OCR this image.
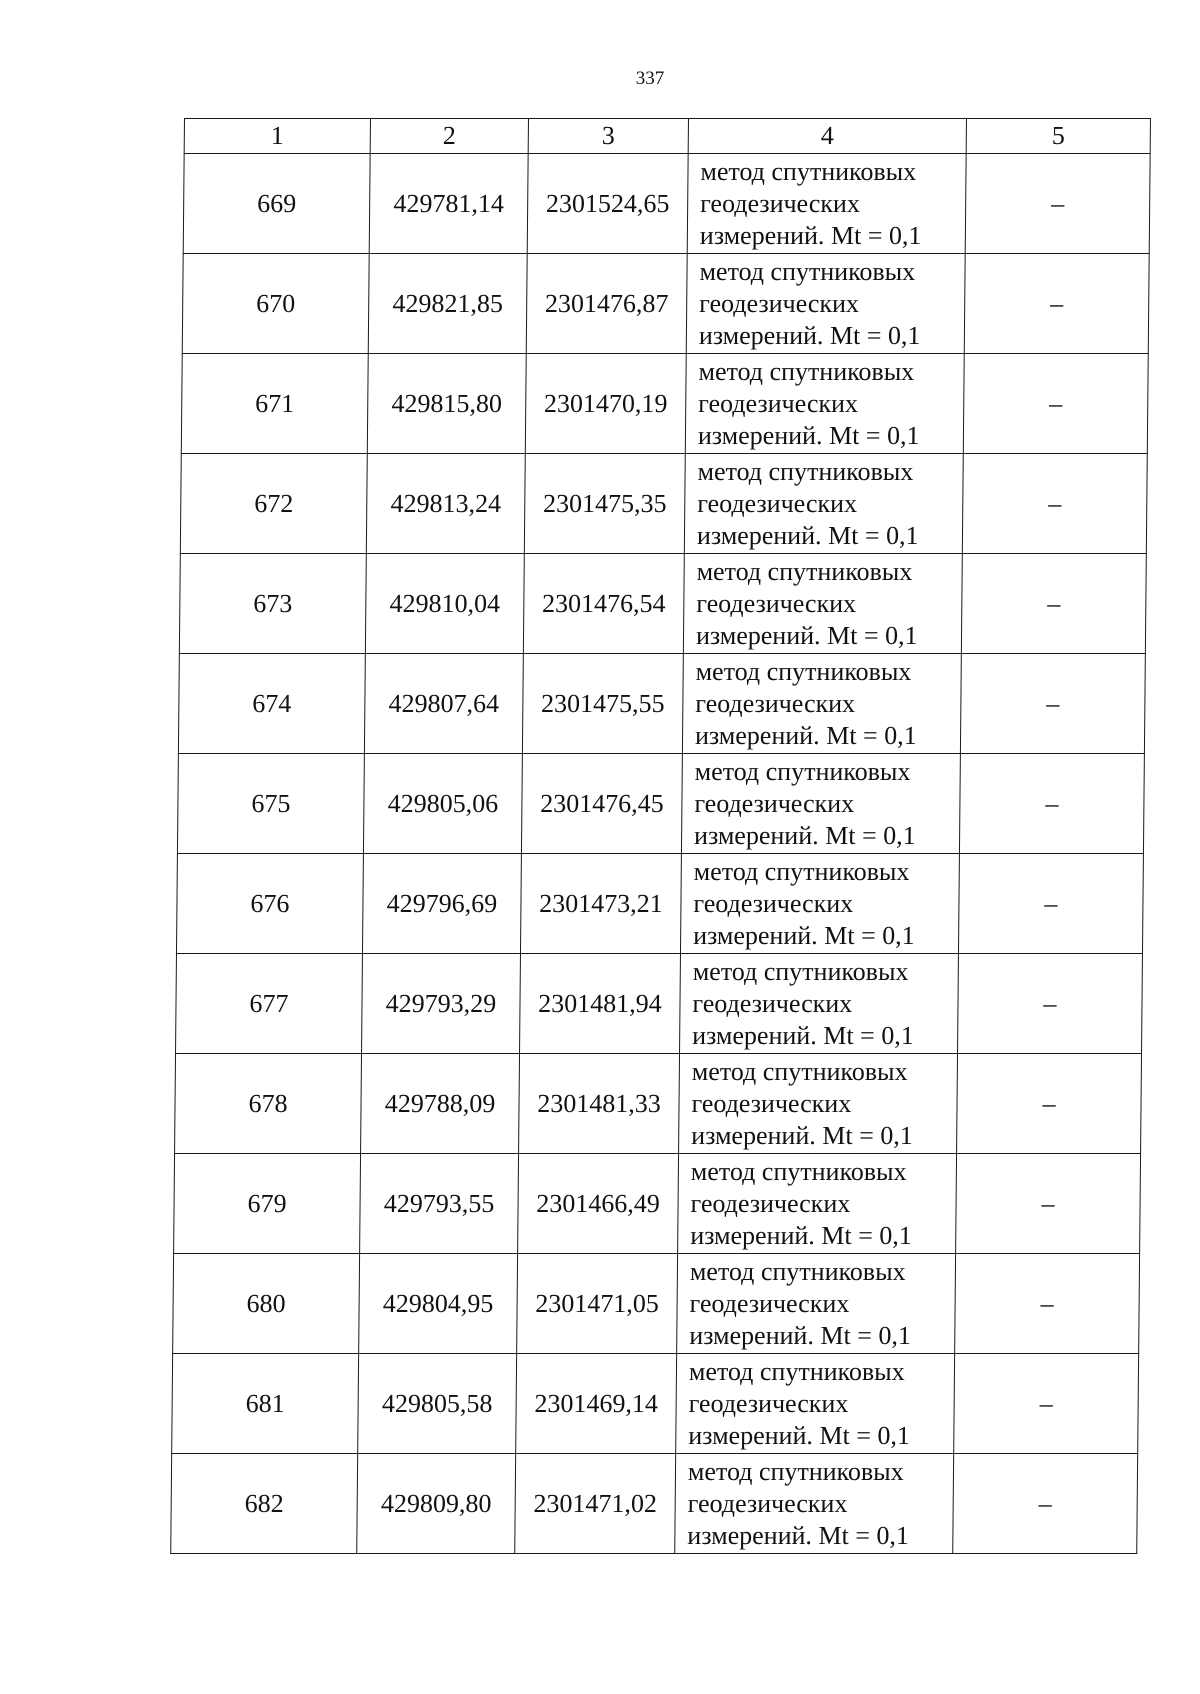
337
1	2	3	4	5
669	429781,14	2301524,65	метод спутниковых
геодезических
измерений. Mt = 0,1	–
670	429821,85	2301476,87	метод спутниковых
геодезических
измерений. Mt = 0,1	–
671	429815,80	2301470,19	метод спутниковых
геодезических
измерений. Mt = 0,1	–
672	429813,24	2301475,35	метод спутниковых
геодезических
измерений. Mt = 0,1	–
673	429810,04	2301476,54	метод спутниковых
геодезических
измерений. Mt = 0,1	–
674	429807,64	2301475,55	метод спутниковых
геодезических
измерений. Mt = 0,1	–
675	429805,06	2301476,45	метод спутниковых
геодезических
измерений. Mt = 0,1	–
676	429796,69	2301473,21	метод спутниковых
геодезических
измерений. Mt = 0,1	–
677	429793,29	2301481,94	метод спутниковых
геодезических
измерений. Mt = 0,1	–
678	429788,09	2301481,33	метод спутниковых
геодезических
измерений. Mt = 0,1	–
679	429793,55	2301466,49	метод спутниковых
геодезических
измерений. Mt = 0,1	–
680	429804,95	2301471,05	метод спутниковых
геодезических
измерений. Mt = 0,1	–
681	429805,58	2301469,14	метод спутниковых
геодезических
измерений. Mt = 0,1	–
682	429809,80	2301471,02	метод спутниковых
геодезических
измерений. Mt = 0,1	–
